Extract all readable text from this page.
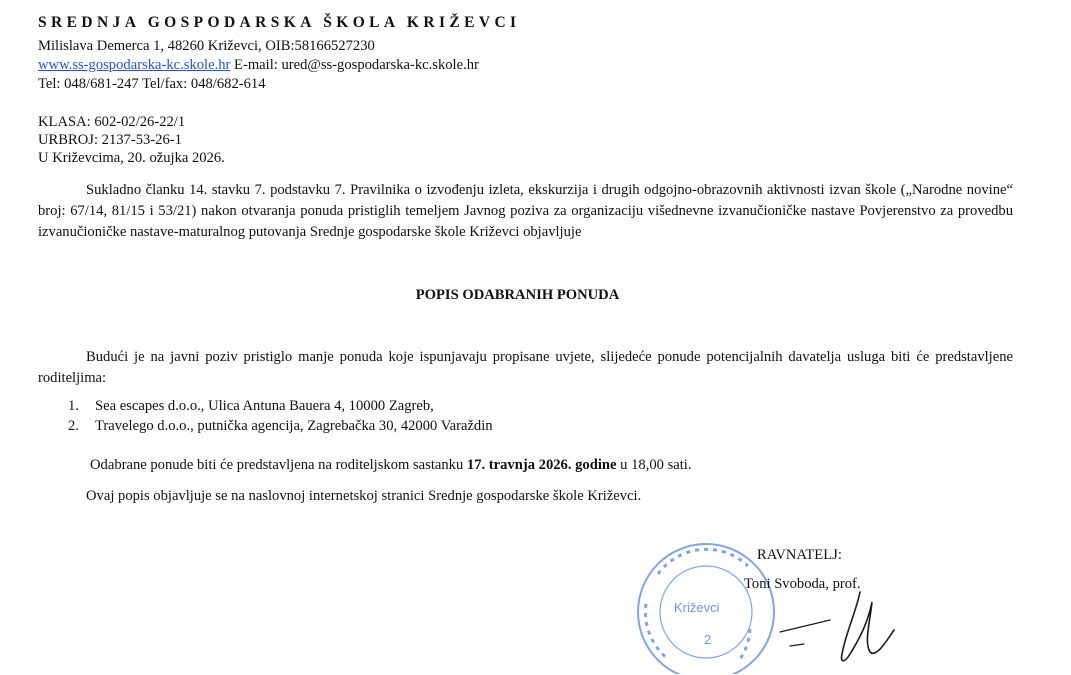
SREDNJA GOSPODARSKA ŠKOLA KRIŽEVCI
Milislava Demerca 1, 48260 Križevci, OIB:58166527230
www.ss-gospodarska-kc.skole.hr E-mail: ured@ss-gospodarska-kc.skole.hr
Tel: 048/681-247 Tel/fax: 048/682-614
KLASA: 602-02/26-22/1
URBROJ: 2137-53-26-1
U Križevcima, 20. ožujka 2026.
Sukladno članku 14. stavku 7. podstavku 7. Pravilnika o izvođenju izleta, ekskurzija i drugih odgojno-obrazovnih aktivnosti izvan škole („Narodne novine“ broj: 67/14, 81/15 i 53/21) nakon otvaranja ponuda pristiglih temeljem Javnog poziva za organizaciju višednevne izvanučioničke nastave Povjerenstvo za provedbu izvanučioničke nastave-maturalnog putovanja Srednje gospodarske škole Križevci objavljuje
POPIS ODABRANIH PONUDA
Budući je na javni poziv pristiglo manje ponuda koje ispunjavaju propisane uvjete, slijedeće ponude potencijalnih davatelja usluga biti će predstavljene roditeljima:
1. Sea escapes d.o.o., Ulica Antuna Bauera 4, 10000 Zagreb,
2. Travelego d.o.o., putnička agencija, Zagrebačka 30, 42000 Varaždin
Odabrane ponude biti će predstavljena na roditeljskom sastanku 17. travnja 2026. godine u 18,00 sati.
Ovaj popis objavljuje se na naslovnoj internetskoj stranici Srednje gospodarske škole Križevci.
Križevci
2
RAVNATELJ:
Toni Svoboda, prof.
